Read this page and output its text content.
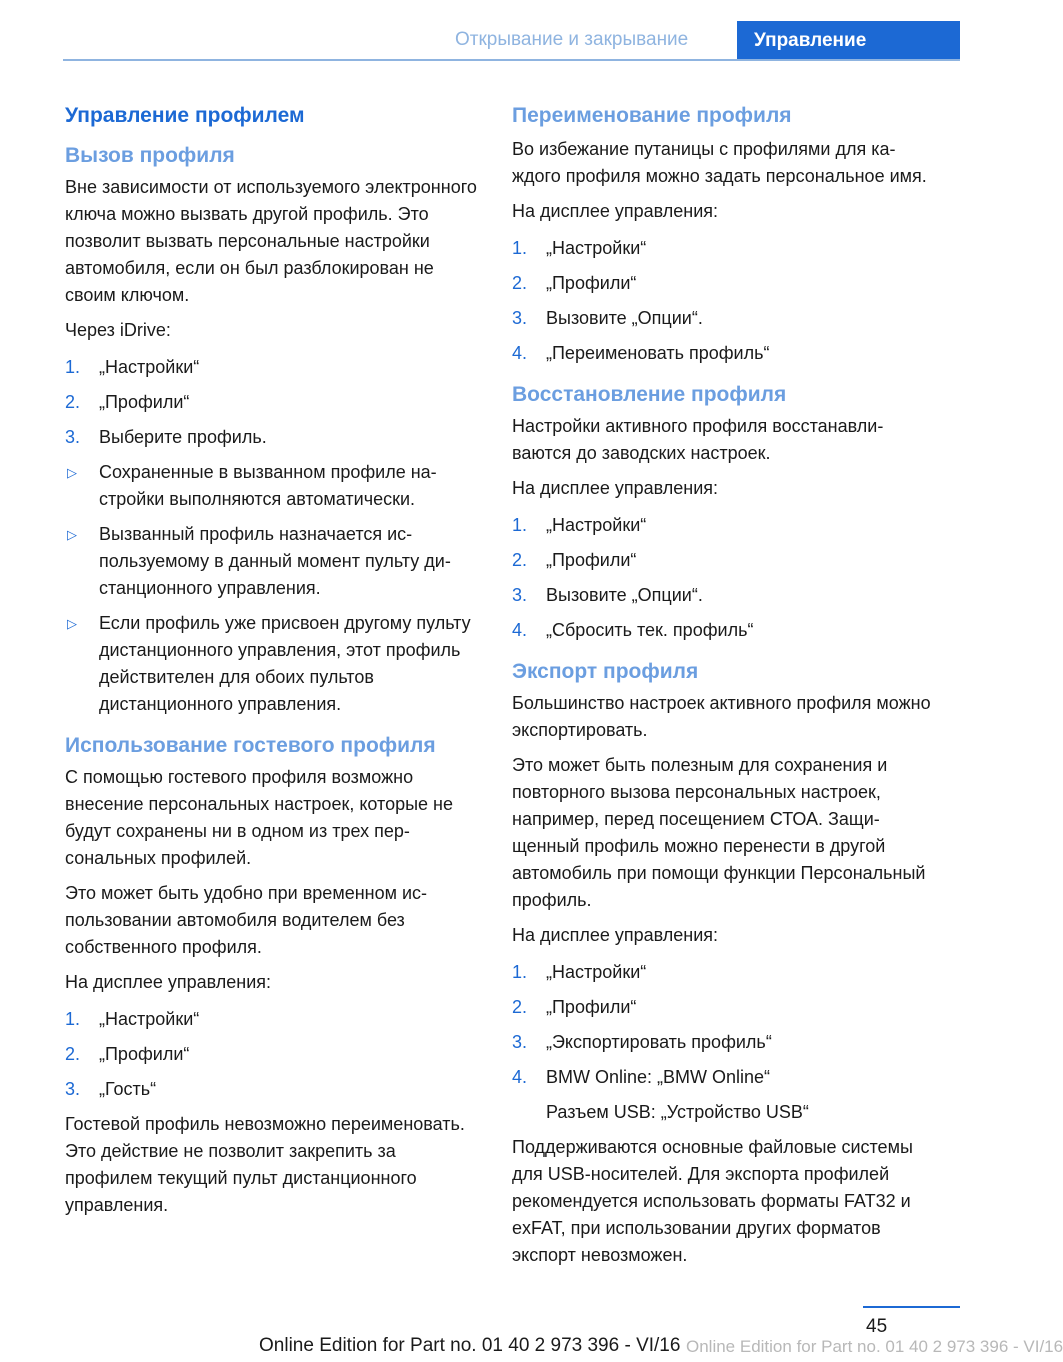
Открывание и закрывание	Управление
Управление профилем
Вызов профиля

Вне зависимости от используемого электронного ключа можно вызвать другой профиль. Это позволит вызвать персональные настройки автомобиля, если он был разблокирован не своим ключом.

Через iDrive:

1. „Настройки“
2. „Профили“
3. Выберите профиль.
▷ Сохраненные в вызванном профиле настройки выполняются автоматически.
▷ Вызванный профиль назначается используемому в данный момент пульту дистанционного управления.
▷ Если профиль уже присвоен другому пульту дистанционного управления, этот профиль действителен для обоих пультов дистанционного управления.
Использование гостевого профиля

С помощью гостевого профиля возможно внесение персональных настроек, которые не будут сохранены ни в одном из трех персональных профилей.

Это может быть удобно при временном использовании автомобиля водителем без собственного профиля.

На дисплее управления:

1. „Настройки“
2. „Профили“
3. „Гость“

Гостевой профиль невозможно переименовать. Это действие не позволит закрепить за профилем текущий пульт дистанционного управления.

Переименование профиля

Во избежание путаницы с профилями для каждого профиля можно задать персональное имя.

На дисплее управления:

1. „Настройки“
2. „Профили“
3. Вызовите „Опции“.
4. „Переименовать профиль“
Восстановление профиля

Настройки активного профиля восстанавливаются до заводских настроек.

На дисплее управления:

1. „Настройки“
2. „Профили“
3. Вызовите „Опции“.
4. „Сбросить тек. профиль“
Экспорт профиля

Большинство настроек активного профиля можно экспортировать.

Это может быть полезным для сохранения и повторного вызова персональных настроек, например, перед посещением СТОА. Защищенный профиль можно перенести в другой автомобиль при помощи функции Персональный профиль.

На дисплее управления:

1. „Настройки“
2. „Профили“
3. „Экспортировать профиль“
4. BMW Online: „BMW Online“
Разъем USB: „Устройство USB“

Поддерживаются основные файловые системы для USB-носителей. Для экспорта профилей рекомендуется использовать форматы FAT32 и exFAT, при использовании других форматов экспорт невозможен.

45
Online Edition for Part no. 01 40 2 973 396 - VI/16 Online Edition for Part no. 01 40 2 973 396 - VI/16
